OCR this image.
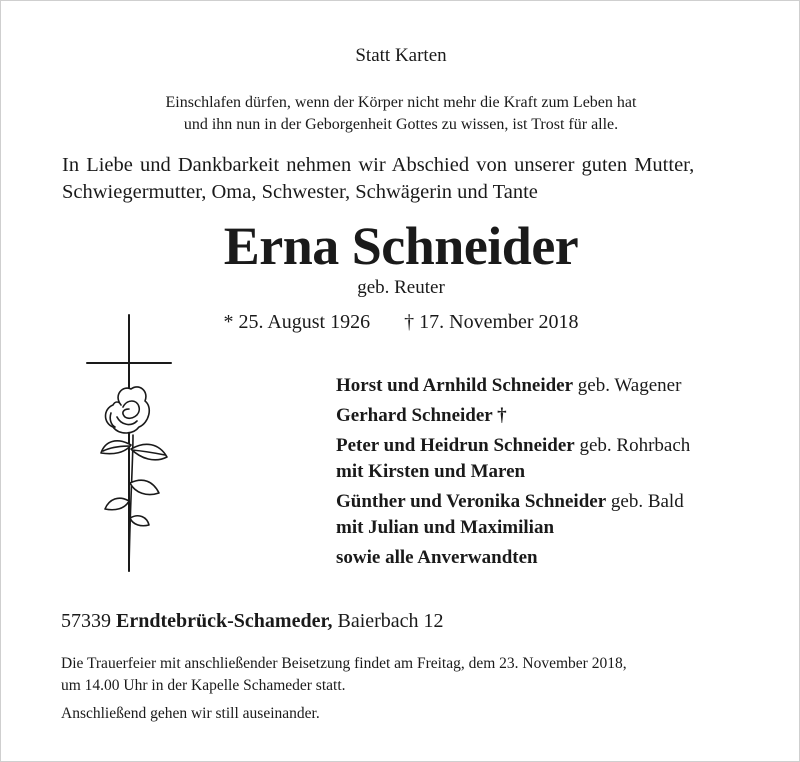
Statt Karten
Einschlafen dürfen, wenn der Körper nicht mehr die Kraft zum Leben hat
und ihn nun in der Geborgenheit Gottes zu wissen, ist Trost für alle.
In Liebe und Dankbarkeit nehmen wir Abschied von unserer guten Mutter,
Schwiegermutter, Oma, Schwester, Schwägerin und Tante
Erna Schneider
geb. Reuter
* 25. August 1926 † 17. November 2018
Horst und Arnhild Schneider geb. Wagener
Gerhard Schneider †
Peter und Heidrun Schneider geb. Rohrbach
mit Kirsten und Maren
Günther und Veronika Schneider geb. Bald
mit Julian und Maximilian
sowie alle Anverwandten
57339 Erndtebrück-Schameder, Baierbach 12
Die Trauerfeier mit anschließender Beisetzung findet am Freitag, dem 23. November 2018,
um 14.00 Uhr in der Kapelle Schameder statt.
Anschließend gehen wir still auseinander.
